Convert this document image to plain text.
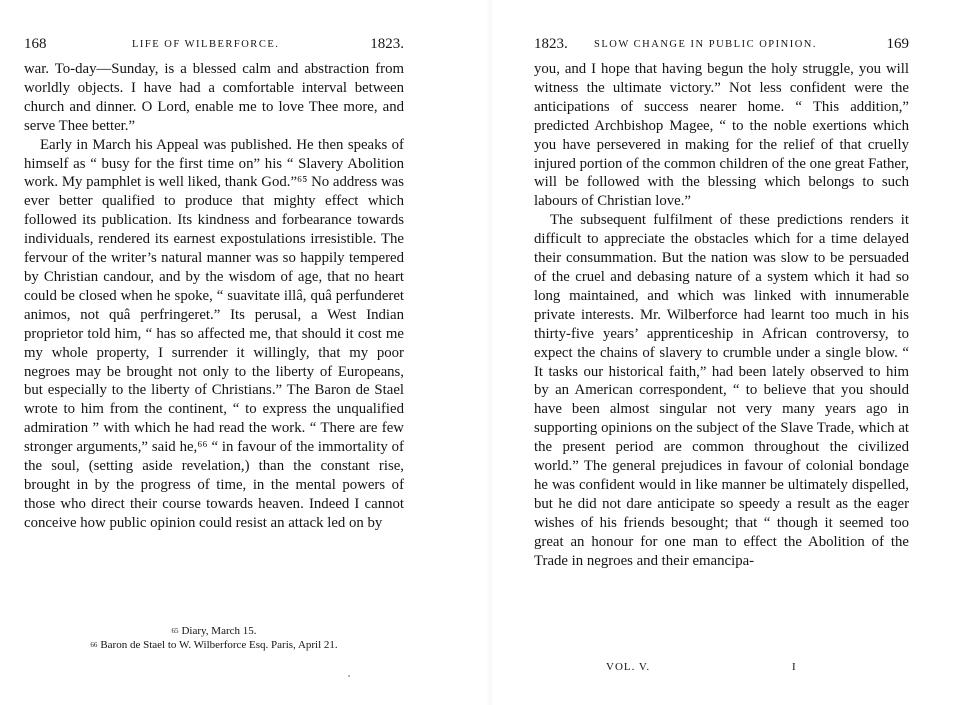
168	LIFE OF WILBERFORCE.	1823.

war. To-day—Sunday, is a blessed calm and abstraction from worldly objects. I have had a comfortable interval between church and dinner. O Lord, enable me to love Thee more, and serve Thee better.”

Early in March his Appeal was published. He then speaks of himself as “ busy for the first time on” his “ Slavery Abolition work. My pamphlet is well liked, thank God.”⁶⁵ No address was ever better qualified to produce that mighty effect which followed its publication. Its kindness and forbearance towards individuals, rendered its earnest expostulations irresistible. The fervour of the writer’s natural manner was so happily tempered by Christian candour, and by the wisdom of age, that no heart could be closed when he spoke, “ suavitate illâ, quâ perfunderet animos, not quâ perfringeret.” Its perusal, a West Indian proprietor told him, “ has so affected me, that should it cost me my whole property, I surrender it willingly, that my poor negroes may be brought not only to the liberty of Europeans, but especially to the liberty of Christians.” The Baron de Stael wrote to him from the continent, “ to express the unqualified admiration ” with which he had read the work. “ There are few stronger arguments,” said he,⁶⁶ “ in favour of the immortality of the soul, (setting aside revelation,) than the constant rise, brought in by the progress of time, in the mental powers of those who direct their course towards heaven. Indeed I cannot conceive how public opinion could resist an attack led on by

$^{65}$ Diary, March 15.

$^{66}$ Baron de Stael to W. Wilberforce Esq. Paris, April 21.

1823.	SLOW CHANGE IN PUBLIC OPINION.	169

you, and I hope that having begun the holy struggle, you will witness the ultimate victory.” Not less confident were the anticipations of success nearer home. “ This addition,” predicted Archbishop Magee, “ to the noble exertions which you have persevered in making for the relief of that cruelly injured portion of the common children of the one great Father, will be followed with the blessing which belongs to such labours of Christian love.”

The subsequent fulfilment of these predictions renders it difficult to appreciate the obstacles which for a time delayed their consummation. But the nation was slow to be persuaded of the cruel and debasing nature of a system which it had so long maintained, and which was linked with innumerable private interests. Mr. Wilberforce had learnt too much in his thirty-five years’ apprenticeship in African controversy, to expect the chains of slavery to crumble under a single blow. “ It tasks our historical faith,” had been lately observed to him by an American correspondent, “ to believe that you should have been almost singular not very many years ago in supporting opinions on the subject of the Slave Trade, which at the present period are common throughout the civilized world.” The general prejudices in favour of colonial bondage he was confident would in like manner be ultimately dispelled, but he did not dare anticipate so speedy a result as the eager wishes of his friends besought; that “ though it seemed too great an honour for one man to effect the Abolition of the Trade in negroes and their emancipa-

VOL. V.	I
